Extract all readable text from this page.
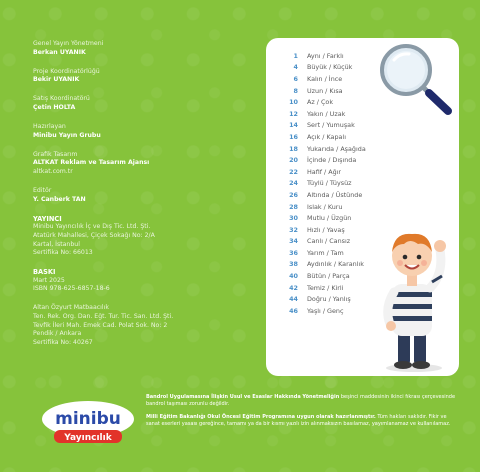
Genel Yayın Yönetmeni
Berkan UYANIK
Proje Koordinatörlüğü
Bekir UYANIK
Satış Koordinatörü
Çetin HOLTA
Hazırlayan
Minibu Yayın Grubu
Grafik Tasarım
ALTKAT Reklam ve Tasarım Ajansı
altkat.com.tr
Editör
Y. Canberk TAN
YAYINCI
Minibu Yayıncılık İç ve Dış Tic. Ltd. Şti.
Atatürk Mahallesi, Çiçek Sokağı No: 2/A
Kartal, İstanbul
Sertifika No: 66013
BASKI
Mart 2025
ISBN 978-625-6857-18-6
Altan Özyurt Matbaacılık
Ten. Rek. Org. Dan. Eğt. Tur. Tic. San. Ltd. Şti.
Tevfik İleri Mah. Emek Cad. Polat Sok. No: 2
Pendik / Ankara
Sertifika No: 40267
1 Aynı / Farklı
4 Büyük / Küçük
6 Kalın / İnce
8 Uzun / Kısa
10 Az / Çok
12 Yakın / Uzak
14 Sert / Yumuşak
16 Açık / Kapalı
18 Yukarıda / Aşağıda
20 İçinde / Dışında
22 Hafif / Ağır
24 Tüylü / Tüysüz
26 Altında / Üstünde
28 Islak / Kuru
30 Mutlu / Üzgün
32 Hızlı / Yavaş
34 Canlı / Cansız
36 Yarım / Tam
38 Aydınlık / Karanlık
40 Bütün / Parça
42 Temiz / Kirli
44 Doğru / Yanlış
46 Yaşlı / Genç
minibu
Yayıncılık

Bandrol Uygulamasına İlişkin Usul ve Esaslar Hakkında Yönetmeliğin beşinci maddesinin ikinci fıkrası çerçevesinde bandrol taşıması zorunlu değildir.

Milli Eğitim Bakanlığı Okul Öncesi Eğitim Programına uygun olarak hazırlanmıştır. Tüm hakları saklıdır. Fikir ve sanat eserleri yasası gereğince, tamamı ya da bir kısmı yazılı izin alınmaksızın basılamaz, yayımlanamaz ve kullanılamaz.
